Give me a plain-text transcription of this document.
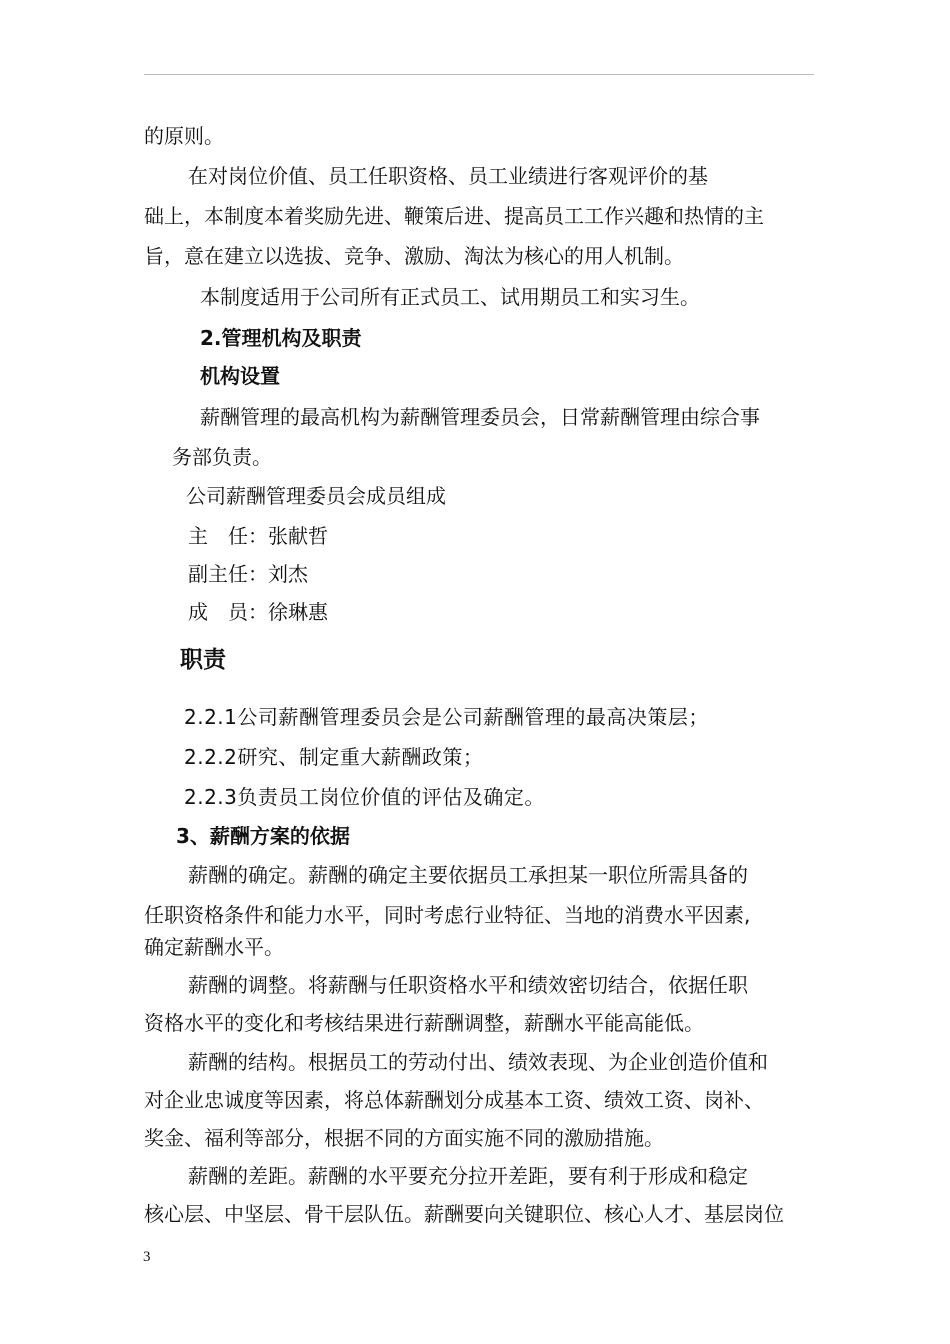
的原则。
在对岗位价值、员工任职资格、员工业绩进行客观评价的基
础上，本制度本着奖励先进、鞭策后进、提高员工工作兴趣和热情的主
旨，意在建立以选拔、竞争、激励、淘汰为核心的用人机制。
本制度适用于公司所有正式员工、试用期员工和实习生。
2.管理机构及职责
机构设置
薪酬管理的最高机构为薪酬管理委员会，日常薪酬管理由综合事
务部负责。
公司薪酬管理委员会成员组成
主　任：张献哲
副主任：刘杰
成　员：徐琳惠
职责
2.2.1公司薪酬管理委员会是公司薪酬管理的最高决策层；
2.2.2研究、制定重大薪酬政策；
2.2.3负责员工岗位价值的评估及确定。
3、薪酬方案的依据
薪酬的确定。薪酬的确定主要依据员工承担某一职位所需具备的
任职资格条件和能力水平，同时考虑行业特征、当地的消费水平因素,
确定薪酬水平。
薪酬的调整。将薪酬与任职资格水平和绩效密切结合，依据任职
资格水平的变化和考核结果进行薪酬调整，薪酬水平能高能低。
薪酬的结构。根据员工的劳动付出、绩效表现、为企业创造价值和
对企业忠诚度等因素，将总体薪酬划分成基本工资、绩效工资、岗补、
奖金、福利等部分，根据不同的方面实施不同的激励措施。
薪酬的差距。薪酬的水平要充分拉开差距，要有利于形成和稳定
核心层、中坚层、骨干层队伍。薪酬要向关键职位、核心人才、基层岗位
3
